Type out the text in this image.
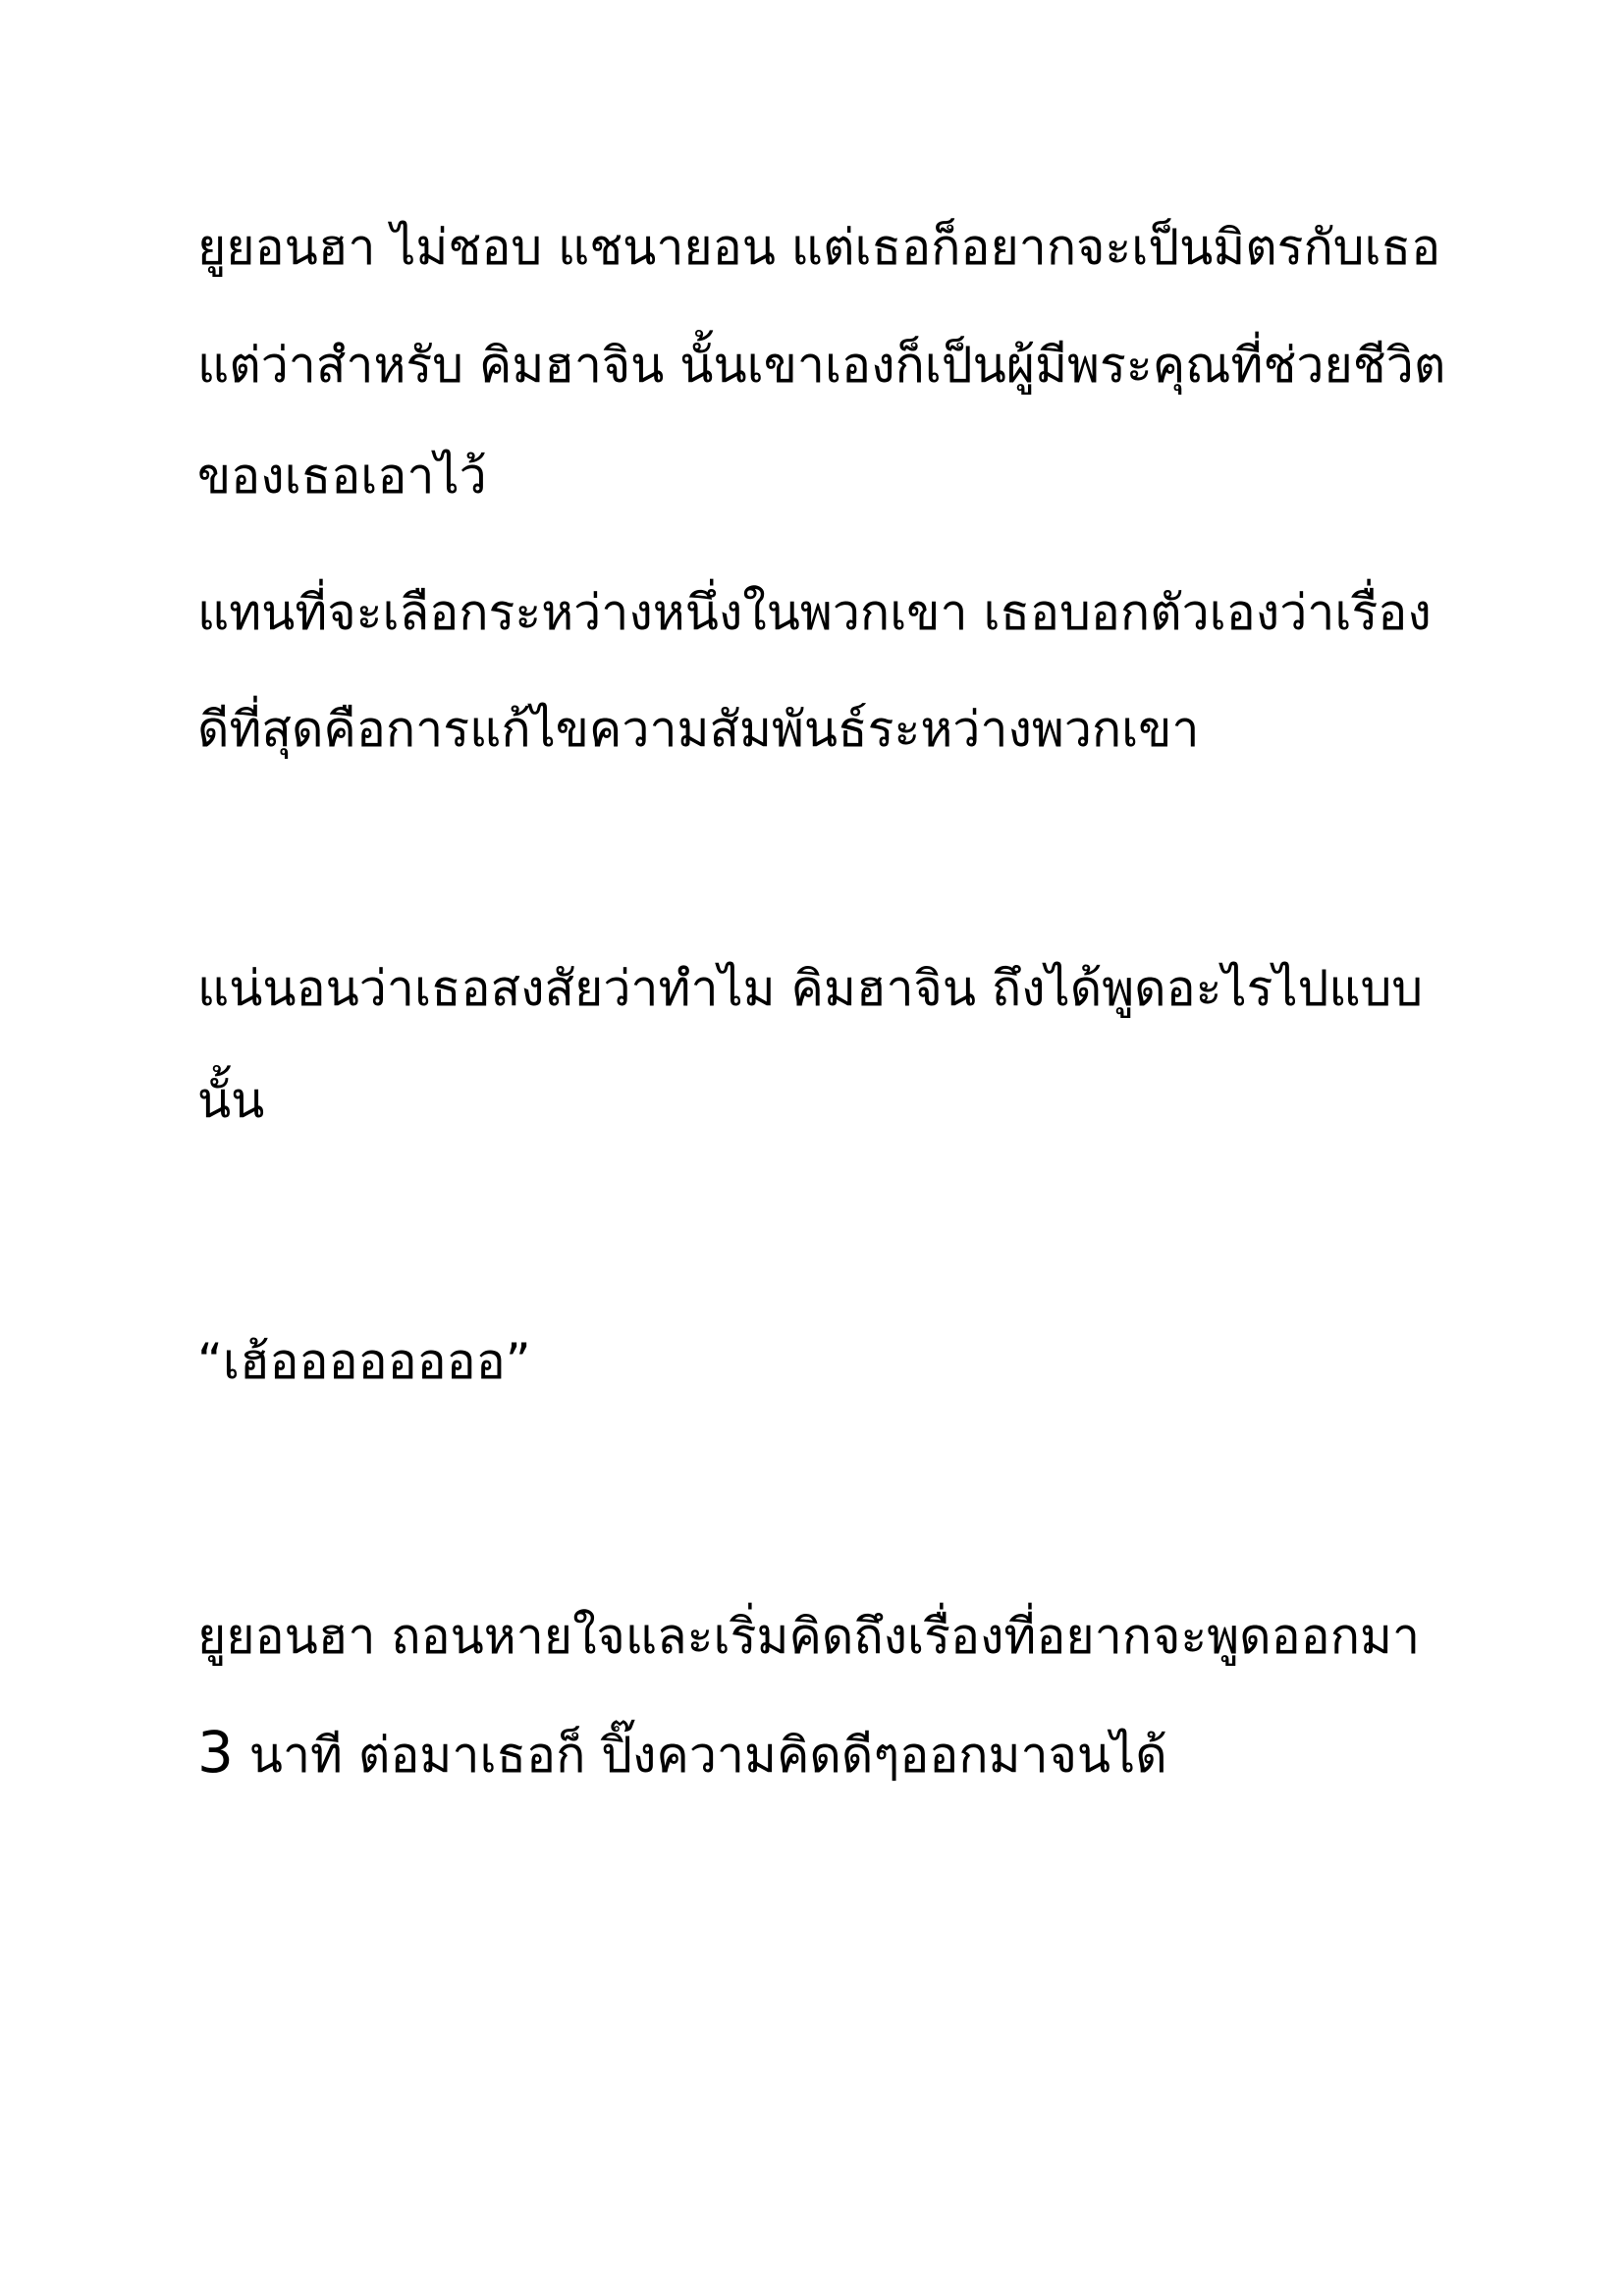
ยูยอนฮา ไม่ชอบ แชนายอน แต่เธอก็อยากจะเป็นมิตรกับเธอ
แต่ว่าสำหรับ คิมฮาจิน นั้นเขาเองก็เป็นผู้มีพระคุณที่ช่วยชีวิต
ของเธอเอาไว้
แทนที่จะเลือกระหว่างหนึ่งในพวกเขา เธอบอกตัวเองว่าเรื่อง
ดีที่สุดคือการแก้ไขความสัมพันธ์ระหว่างพวกเขา
แน่นอนว่าเธอสงสัยว่าทำไม คิมฮาจิน ถึงได้พูดอะไรไปแบบ
นั้น
“เฮ้ออออออออ”
ยูยอนฮา ถอนหายใจและเริ่มคิดถึงเรื่องที่อยากจะพูดออกมา
3 นาที ต่อมาเธอก็ ปิ๊งความคิดดีๆออกมาจนได้
